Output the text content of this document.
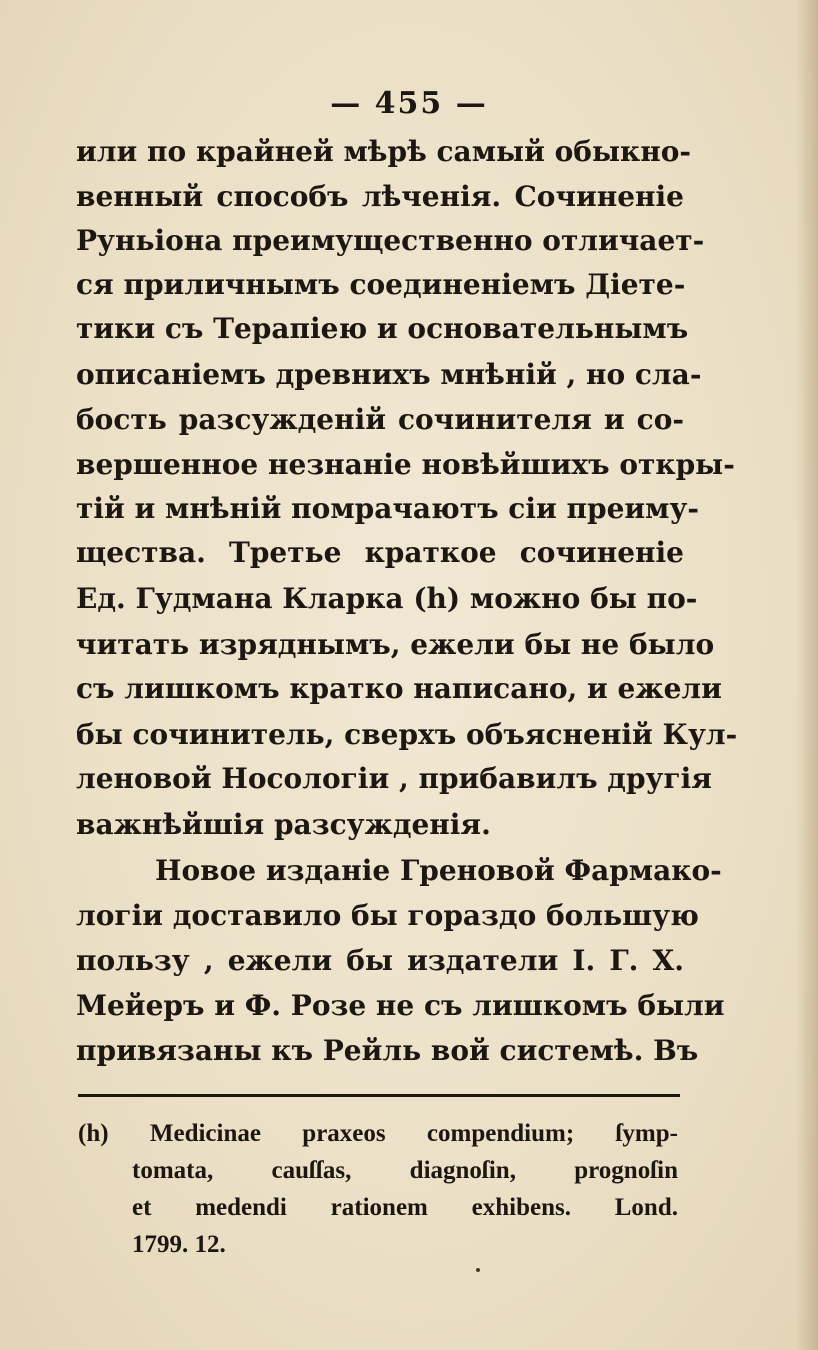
— 455 —
или по крайней мѣрѣ самый обыкно-
венный способъ лѣченія. Сочиненіе
Руньіона преимущественно отличает-
ся приличнымъ соединеніемъ Діете-
тики съ Терапіею и основательнымъ
описаніемъ древнихъ мнѣній , но сла-
бость разсужденій сочинителя и со-
вершенное незнаніе новѣйшихъ откры-
тій и мнѣній помрачаютъ сіи преиму-
щества. Третье краткое сочиненіе
Ед. Гудмана Кларка (h) можно бы по-
читать изряднымъ, ежели бы не было
съ лишкомъ кратко написано, и ежели
бы сочинитель, сверхъ объясненій Кул-
леновой Носологіи , прибавилъ другія
важнѣйшія разсужденія.
Новое изданіе Греновой Фармако-
логіи доставило бы гораздо большую
пользу , ежели бы издатели І. Г. Х.
Мейеръ и Ф. Розе не съ лишкомъ были
привязаны къ Рейль вой системѣ. Въ
(h) Medicinae praxeos compendium; ſymp-
tomata, cauſſas, diagnoſin, prognoſin
et medendi rationem exhibens. Lond.
1799. 12.
